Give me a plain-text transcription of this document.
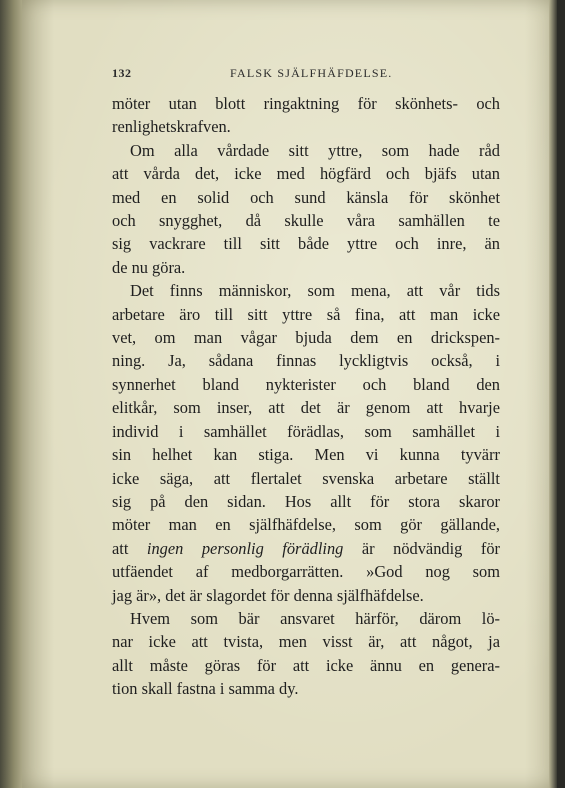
132	FALSK SJÄLFHÄFDELSE.
möter utan blott ringaktning för skönhets- och
renlighetskrafven.
Om alla vårdade sitt yttre, som hade råd
att vårda det, icke med högfärd och bjäfs utan
med en solid och sund känsla för skönhet
och snygghet, då skulle våra samhällen te
sig vackrare till sitt både yttre och inre, än
de nu göra.
Det finns människor, som mena, att vår tids
arbetare äro till sitt yttre så fina, att man icke
vet, om man vågar bjuda dem en drickspen-
ning. Ja, sådana finnas lyckligtvis också, i
synnerhet bland nykterister och bland den
elitkår, som inser, att det är genom att hvarje
individ i samhället förädlas, som samhället i
sin helhet kan stiga. Men vi kunna tyvärr
icke säga, att flertalet svenska arbetare ställt
sig på den sidan. Hos allt för stora skaror
möter man en själfhäfdelse, som gör gällande,
att ingen personlig förädling är nödvändig för
utfäendet af medborgarrätten. »God nog som
jag är», det är slagordet för denna själfhäfdelse.
Hvem som bär ansvaret härför, därom lö-
nar icke att tvista, men visst är, att något, ja
allt måste göras för att icke ännu en genera-
tion skall fastna i samma dy.
